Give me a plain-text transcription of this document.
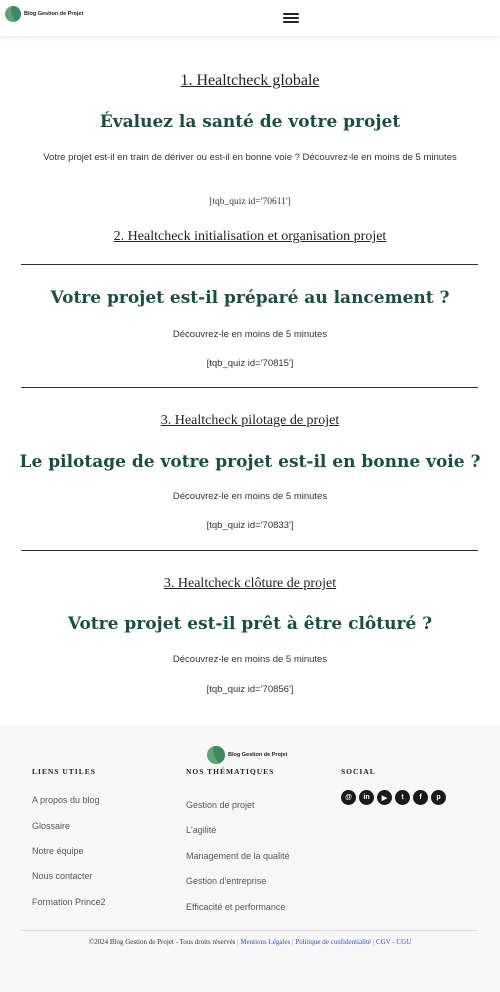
Blog Gestion de Projet
1. Healtcheck globale
Évaluez la santé de votre projet
Votre projet est-il en train de dériver ou est-il en bonne voie ? Découvrez-le en moins de 5 minutes
[tqb_quiz id='70611']
2. Healtcheck initialisation et organisation projet
Votre projet est-il préparé au lancement ?
Découvrez-le en moins de 5 minutes
[tqb_quiz id='70815']
3. Healtcheck pilotage de projet
Le pilotage de votre projet est-il en bonne voie ?
Découvrez-le en moins de 5 minutes
[tqb_quiz id='70833']
3. Healtcheck clôture de projet
Votre projet est-il prêt à être clôturé ?
Découvrez-le en moins de 5 minutes
[tqb_quiz id='70856']
Blog Gestion de Projet
LIENS UTILES
A propos du blog
Glossaire
Notre équipe
Nous contacter
Formation Prince2
NOS THÉMATIQUES
Gestion de projet
L'agilité
Management de la qualité
Gestion d'entreprise
Efficacité et performance
SOCIAL
@	in	▶	t	f	p
©2024 Blog Gestion de Projet - Tous droits réservés | Mentions Légales | Politique de confidentialité | CGV - CGU
